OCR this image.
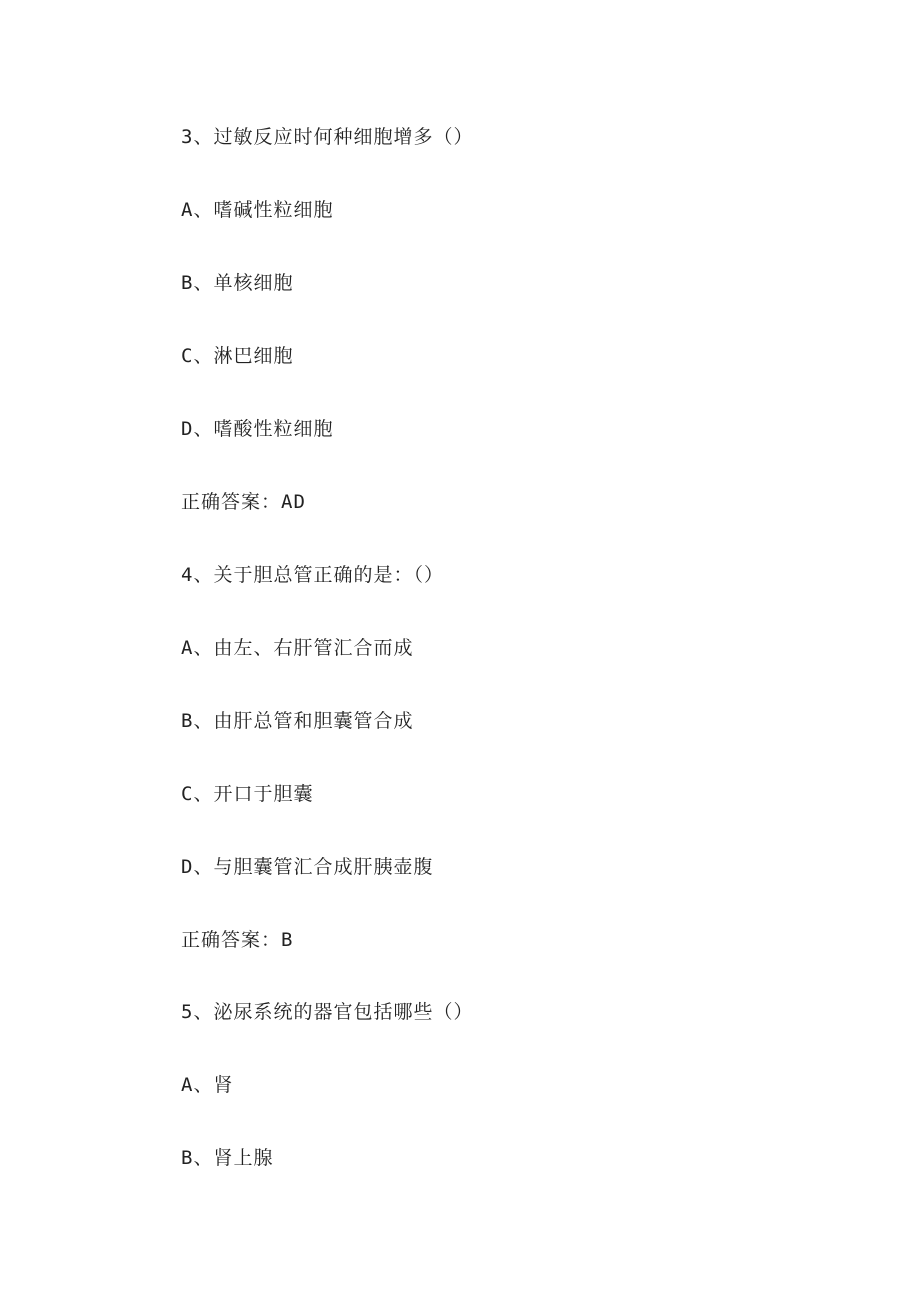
3、过敏反应时何种细胞增多（）
A、嗜碱性粒细胞
B、单核细胞
C、淋巴细胞
D、嗜酸性粒细胞
正确答案：AD
4、关于胆总管正确的是：（）
A、由左、右肝管汇合而成
B、由肝总管和胆囊管合成
C、开口于胆囊
D、与胆囊管汇合成肝胰壶腹
正确答案：B
5、泌尿系统的器官包括哪些（）
A、肾
B、肾上腺
